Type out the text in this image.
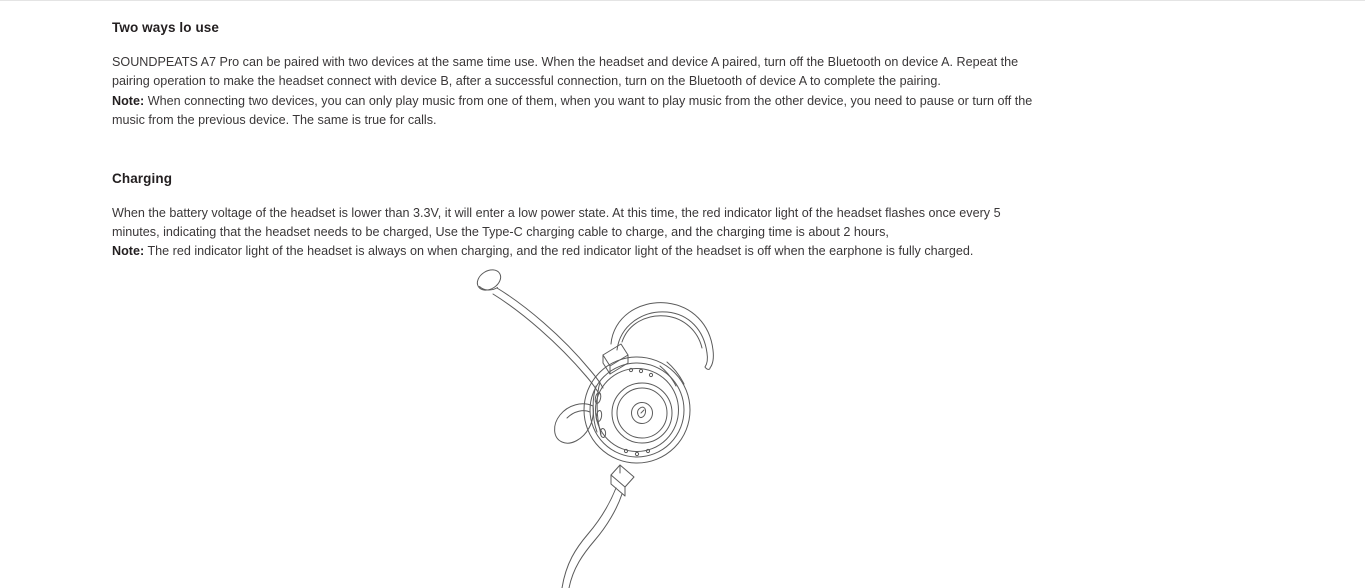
Two ways lo use

SOUNDPEATS A7 Pro can be paired with two devices at the same time use. When the headset and device A paired, turn off the Bluetooth on device A. Repeat the pairing operation to make the headset connect with device B, after a successful connection, turn on the Bluetooth of device A to complete the pairing.

Note: When connecting two devices, you can only play music from one of them, when you want to play music from the other device, you need to pause or turn off the music from the previous device. The same is true for calls.

Charging

When the battery voltage of the headset is lower than 3.3V, it will enter a low power state. At this time, the red indicator light of the headset flashes once every 5 minutes, indicating that the headset needs to be charged, Use the Type-C charging cable to charge, and the charging time is about 2 hours,

Note: The red indicator light of the headset is always on when charging, and the red indicator light of the headset is off when the earphone is fully charged.
